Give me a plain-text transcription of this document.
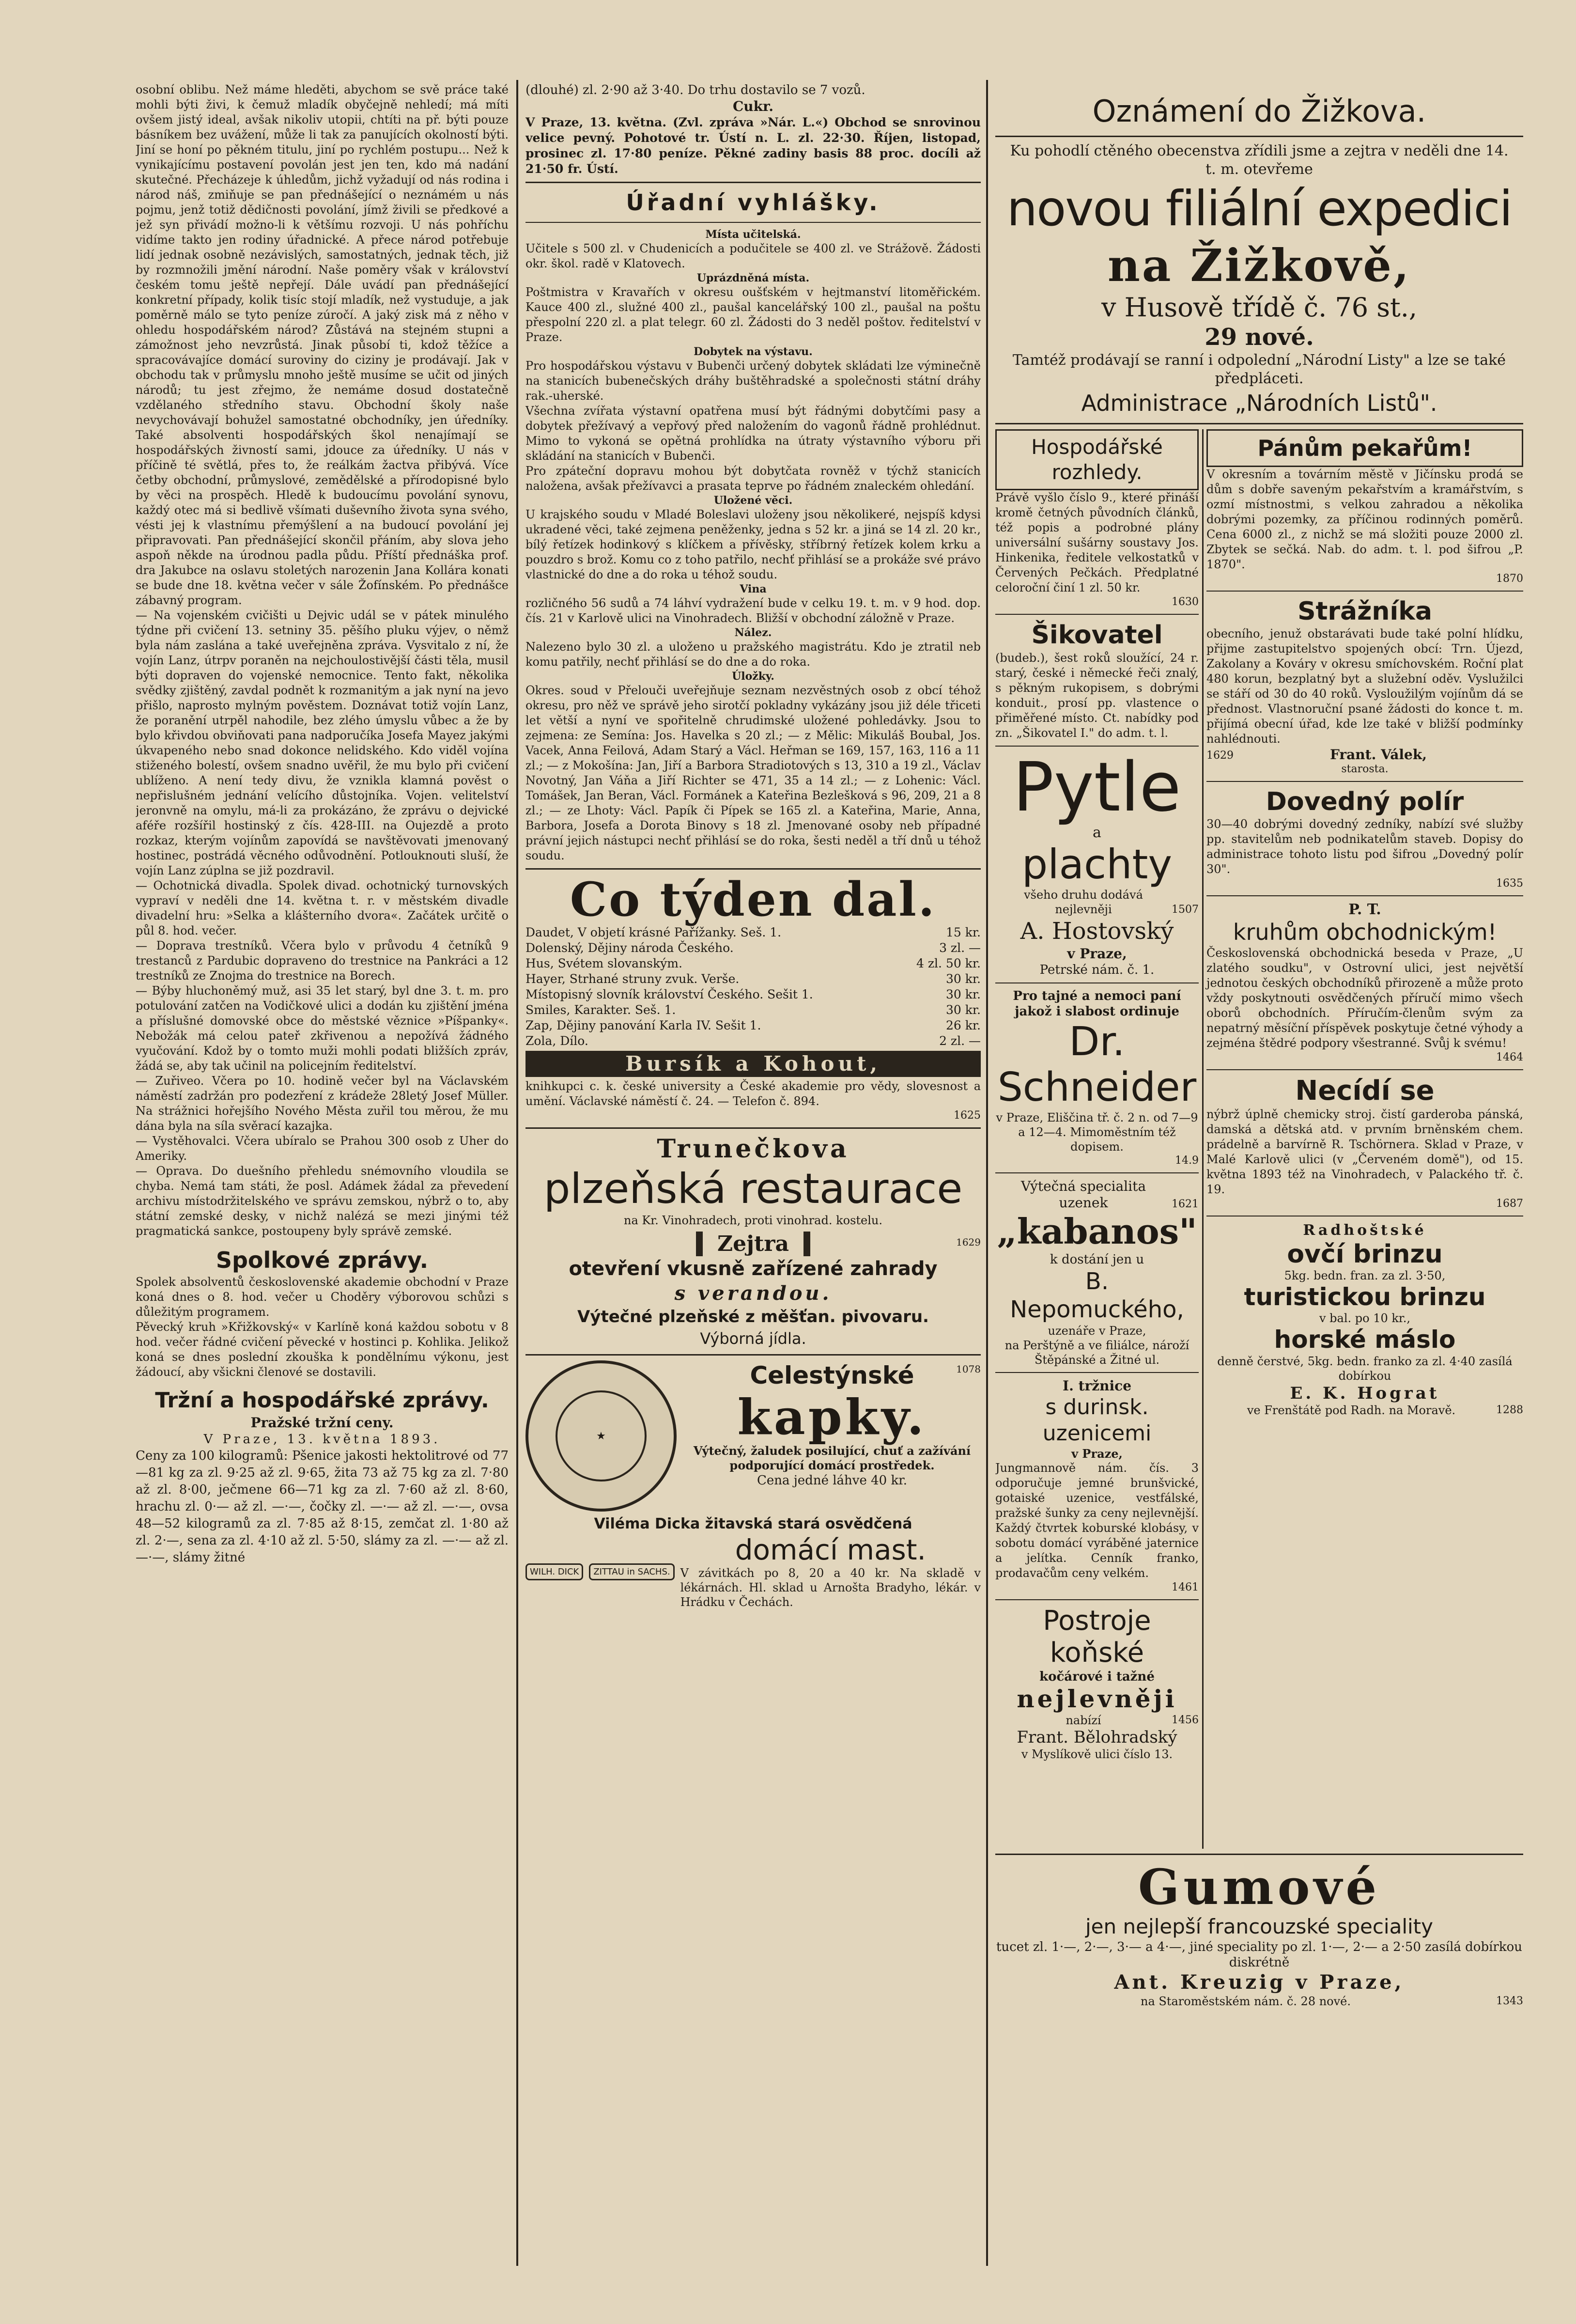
osobní oblibu. Než máme hleděti, abychom se svě práce také mohli býti živi, k čemuž mladík obyčejně nehledí; má míti ovšem jistý ideal, avšak nikoliv utopii, chtíti na př. býti pouze básníkem bez uvážení, může li tak za panujících okolností býti. Jiní se honí po pěkném titulu, jiní po rychlém postupu... Než k vynikajícímu postavení povolán jest jen ten, kdo má nadání skutečné. Přecházeje k úhledům, jichž vyžadují od nás rodina i národ náš, zmiňuje se pan přednášející o neznámém u nás pojmu, jenž totiž dědičnosti povolání, jímž živili se předkové a jež syn přivádí možno-li k většímu rozvoji. U nás pohříchu vidíme takto jen rodiny úřadnické. A přece národ potřebuje lidí jednak osobně nezávislých, samostatných, jednak těch, již by rozmnožili jmění národní. Naše poměry však v království českém tomu ještě nepřejí. Dále uvádí pan přednášející konkretní případy, kolik tisíc stojí mladík, než vystuduje, a jak poměrně málo se tyto peníze zúročí. A jaký zisk má z něho v ohledu hospodářském národ? Zůstává na stejném stupni a zámožnost jeho nevzrůstá. Jinak působí ti, kdož těžíce a spracovávajíce domácí suroviny do ciziny je prodávají. Jak v obchodu tak v průmyslu mnoho ještě musíme se učit od jiných národů; tu jest zřejmo, že nemáme dosud dostatečně vzdělaného středního stavu. Obchodní školy naše nevychovávají bohužel samostatné obchodníky, jen úředníky. Také absolventi hospodářských škol nenajímají se hospodářských živností sami, jdouce za úředníky. U nás v příčině té světlá, přes to, že reálkám žactva přibývá. Více četby obchodní, průmyslové, zemědělské a přírodopisné bylo by věci na prospěch. Hledě k budoucímu povolání synovu, každý otec má si bedlivě všímati duševního života syna svého, vésti jej k vlastnímu přemýšlení a na budoucí povolání jej připravovati. Pan přednášející skončil přáním, aby slova jeho aspoň někde na úrodnou padla půdu. Příští přednáška prof. dra Jakubce na oslavu stoletých narozenin Jana Kollára konati se bude dne 18. května večer v sále Žofínském. Po přednášce zábavný program.

— Na vojenském cvičišti u Dejvic udál se v pátek minulého týdne při cvičení 13. setniny 35. pěšího pluku výjev, o němž byla nám zaslána a také uveřejněna zpráva. Vysvitalo z ní, že vojín Lanz, útrpv poraněn na nejchoulostivější části těla, musil býti dopraven do vojenské nemocnice. Tento fakt, několika svědky zjištěný, zavdal podnět k rozmanitým a jak nyní na jevo přišlo, naprosto mylným pověstem. Doznávat totiž vojín Lanz, že poranění utrpěl nahodile, bez zlého úmyslu vůbec a že by bylo křivdou obviňovati pana nadporučíka Josefa Mayez jakými úkvapeného nebo snad dokonce nelidského. Kdo viděl vojína stiženého bolestí, ovšem snadno uvěřil, že mu bylo při cvičení ublíženo. A není tedy divu, že vznikla klamná pověst o nepřislušném jednání velícího důstojníka. Vojen. velitelství jeronvně na omylu, má-li za prokázáno, že zprávu o dejvické aféře rozšířil hostinský z čís. 428-III. na Oujezdě a proto rozkaz, kterým vojínům zapovídá se navštěvovati jmenovaný hostinec, postrádá věcného odůvodnění. Potlouknouti sluší, že vojín Lanz zúplna se již pozdravil.

— Ochotnická divadla. Spolek divad. ochotnický turnovských vypraví v neděli dne 14. května t. r. v městském divadle divadelní hru: »Selka a klášterního dvora«. Začátek určitě o půl 8. hod. večer.

— Doprava trestníků. Včera bylo v průvodu 4 četníků 9 trestanců z Pardubic dopraveno do trestnice na Pankráci a 12 trestníků ze Znojma do trestnice na Borech.

— Býby hluchoněmý muž, asi 35 let starý, byl dne 3. t. m. pro potulování zatčen na Vodičkové ulici a dodán ku zjištění jména a příslušné domovské obce do městské věznice »Píšpanky«. Nebožák má celou pateř zkřivenou a nepožívá žádného vyučování. Kdož by o tomto muži mohli podati bližších zpráv, žádá se, aby tak učinil na policejním ředitelství.

— Zuřiveo. Včera po 10. hodině večer byl na Václavském náměstí zadržán pro podezření z krádeže 28letý Josef Müller. Na strážnici hořejšího Nového Města zuřil tou měrou, že mu dána byla na síla svěrací kazajka.

— Vystěhovalci. Včera ubíralo se Prahou 300 osob z Uher do Ameriky.

— Oprava. Do duešního přehledu snémovního vloudila se chyba. Nemá tam státi, že posl. Adámek žádal za převedení archivu místodržitelského ve správu zemskou, nýbrž o to, aby státní zemské desky, v nichž nalézá se mezi jinými též pragmatická sankce, postoupeny byly správě zemské.

Spolkové zprávy.

Spolek absolventů československé akademie obchodní v Praze koná dnes o 8. hod. večer u Choděry výborovou schůzi s důležitým programem.

Pěvecký kruh »Křižkovský« v Karlíně koná každou sobotu v 8 hod. večer řádné cvičení pěvecké v hostinci p. Kohlika. Jelikož koná se dnes poslední zkouška k pondělnímu výkonu, jest žádoucí, aby všickni členové se dostavili.

Tržní a hospodářské zprávy.
Pražské tržní ceny.
V Praze, 13. května 1893.

Ceny za 100 kilogramů: Pšenice jakosti hektolitrové od 77—81 kg za zl. 9·25 až zl. 9·65, žita 73 až 75 kg za zl. 7·80 až zl. 8·00, ječmene 66—71 kg za zl. 7·60 až zl. 8·60, hrachu zl. 0·— až zl. —·—, čočky zl. —·— až zl. —·—, ovsa 48—52 kilogramů za zl. 7·85 až 8·15, zemčat zl. 1·80 až zl. 2·—, sena za zl. 4·10 až zl. 5·50, slámy za zl. —·— až zl. —·—, slámy žitné

(dlouhé) zl. 2·90 až 3·40. Do trhu dostavilo se 7 vozů.

Cukr.

V Praze, 13. května. (Zvl. zpráva »Nár. L.«) Obchod se snrovinou velice pevný. Pohotové tr. Ústí n. L. zl. 22·30. Říjen, listopad, prosinec zl. 17·80 peníze. Pěkné zadiny basis 88 proc. docíli až 21·50 fr. Ústí.

Úřadní vyhlášky.
Místa učitelská.

Učitele s 500 zl. v Chudenicích a podučitele se 400 zl. ve Strážově. Žádosti okr. škol. radě v Klatovech.

Uprázdněná místa.

Poštmistra v Kravařích v okresu oušťském v hejtmanství litoměřickém. Kauce 400 zl., služné 400 zl., paušal kancelářský 100 zl., paušal na poštu přespolní 220 zl. a plat telegr. 60 zl. Žádosti do 3 neděl poštov. ředitelství v Praze.

Dobytek na výstavu.

Pro hospodářskou výstavu v Bubenči určený dobytek skládati lze výminečně na stanicích bubenečských dráhy buštěhradské a společnosti státní dráhy rak.-uherské.

Všechna zvířata výstavní opatřena musí být řádnými dobytčími pasy a dobytek přežívavý a vepřový před naložením do vagonů řádně prohlédnut. Mimo to vykoná se opětná prohlídka na útraty výstavního výboru při skládání na stanicích v Bubenči.

Pro zpáteční dopravu mohou být dobytčata rovněž v týchž stanicích naložena, avšak přežívavci a prasata teprve po řádném znaleckém ohledání.

Uložené věci.

U krajského soudu v Mladé Boleslavi uloženy jsou několikeré, nejspíš kdysi ukradené věci, také zejmena peněženky, jedna s 52 kr. a jiná se 14 zl. 20 kr., bílý řetízek hodinkový s klíčkem a přívěsky, stříbrný řetízek kolem krku a pouzdro s brož. Komu co z toho patřilo, nechť přihlásí se a prokáže své právo vlastnické do dne a do roka u téhož soudu.

Vina

rozličného 56 sudů a 74 láhví vydražení bude v celku 19. t. m. v 9 hod. dop. čís. 21 v Karlově ulici na Vinohradech. Bližší v obchodní záložně v Praze.

Nález.

Nalezeno bylo 30 zl. a uloženo u pražského magistrátu. Kdo je ztratil neb komu patřily, nechť přihlásí se do dne a do roka.

Úložky.

Okres. soud v Přelouči uveřejňuje seznam nezvěstných osob z obcí téhož okresu, pro něž ve správě jeho sirotčí pokladny vykázány jsou již déle třiceti let větší a nyní ve spořitelně chrudimské uložené pohledávky. Jsou to zejmena: ze Semína: Jos. Havelka s 20 zl.; — z Mělic: Mikuláš Boubal, Jos. Vacek, Anna Feilová, Adam Starý a Václ. Heřman se 169, 157, 163, 116 a 11 zl.; — z Mokošína: Jan, Jiří a Barbora Stradiotových s 13, 310 a 19 zl., Václav Novotný, Jan Váňa a Jiří Richter se 471, 35 a 14 zl.; — z Lohenic: Václ. Tomášek, Jan Beran, Václ. Formánek a Kateřina Bezlešková s 96, 209, 21 a 8 zl.; — ze Lhoty: Václ. Papík či Pípek se 165 zl. a Kateřina, Marie, Anna, Barbora, Josefa a Dorota Binovy s 18 zl. Jmenované osoby neb případné právní jejich nástupci nechť přihlásí se do roka, šesti neděl a tří dnů u téhož soudu.

Co týden dal.
Daudet, V objetí krásné Pařížanky. Seš. 1.	15 kr.
Dolenský, Dějiny národa Českého.	3 zl. —
Hus, Svétem slovanským.	4 zl. 50 kr.
Hayer, Strhané struny zvuk. Verše.	30 kr.
Místopisný slovník království Českého. Sešit 1.	30 kr.
Smiles, Karakter. Seš. 1.	30 kr.
Zap, Dějiny panování Karla IV. Sešit 1.	26 kr.
Zola, Dílo.	2 zl. —
Bursík a Kohout,

knihkupci c. k. české university a České akademie pro vědy, slovesnost a umění. Václavské náměstí č. 24. — Telefon č. 894.

1625
Trunečkova
plzeňská restaurace
na Kr. Vinohradech, proti vinohrad. kostelu.
Zejtra	1629
otevření vkusně zařízené zahrady
s verandou.
Výtečné plzeňské z měšťan. pivovaru.
Výborná jídla.
★
Celestýnské	1078
kapky.

Výtečný, žaludek posilující, chuť a zažívání podporující domácí prostředek.

Cena jedné láhve 40 kr.

Viléma Dicka žitavská stará osvědčená
WILH. DICK	ZITTAU in SACHS.
domácí mast.

V závitkách po 8, 20 a 40 kr. Na skladě v lékárnách. Hl. sklad u Arnošta Bradyho, lékár. v Hrádku v Čechách.

Oznámení do Žižkova.

Ku pohodlí ctěného obecenstva zřídili jsme a zejtra v neděli dne 14. t. m. otevřeme

novou filiální expedici
na Žižkově,
v Husově třídě č. 76 st.,
29 nové.

Tamtéž prodávají se ranní i odpolední „Národní Listy" a lze se také předpláceti.

Administrace „Národních Listů".
Hospodářské rozhledy.

Právě vyšlo číslo 9., které přináší kromě četných původních článků, též popis a podrobné plány universální sušárny soustavy Jos. Hinkenika, ředitele velkostatků v Červených Pečkách. Předplatné celoroční činí 1 zl. 50 kr.

1630
Šikovatel

(budeb.), šest roků sloužící, 24 r. starý, české i německé řeči znalý, s pěkným rukopisem, s dobrými konduit., prosí pp. vlastence o přiměřené místo. Ct. nabídky pod zn. „Šikovatel I." do adm. t. l.

Pytle
a
plachty

všeho druhu dodává nejlevněji	1507
A. Hostovský
v Praze,
Petrské nám. č. 1.

Pro tajné a nemoci paní jakož i slabost ordinuje

Dr. Schneider

v Praze, Eliščina tř. č. 2 n. od 7—9 a 12—4. Mimoměstním též dopisem.

14.9

Výtečná specialita uzenek	1621
„kabanos"
k dostání jen u
B. Nepomuckého,
uzenáře v Praze,

na Perštýně a ve filiálce, nároží Štěpánské a Žitné ul.

I. tržnice
s durinsk. uzenicemi
v Praze,

Jungmannově nám. čís. 3 odporučuje jemné brunšvické, gotaiské uzenice, vestfálské, pražské šunky za ceny nejlevnější. Každý čtvrtek koburské klobásy, v sobotu domácí vyráběné jaternice a jelítka. Cenník franko, prodavačům ceny velkém.

1461
Postroje koňské
kočárové i tažné
nejlevněji
nabízí	1456
Frant. Bělohradský
v Myslíkově ulici číslo 13.
Pánům pekařům!

V okresním a továrním městě v Jičínsku prodá se dům s dobře saveným pekařstvím a kramářstvím, s ozmí místnostmi, s velkou zahradou a několika dobrými pozemky, za příčinou rodinných poměrů. Cena 6000 zl., z nichž se má složiti pouze 2000 zl. Zbytek se sečká. Nab. do adm. t. l. pod šifrou „P. 1870".

1870
Strážníka

obecního, jenuž obstarávati bude také polní hlídku, přijme zastupitelstvo spojených obcí: Trn. Újezd, Zakolany a Kováry v okresu smíchovském. Roční plat 480 korun, bezplatný byt a služební oděv. Vyslužilci se stáří od 30 do 40 roků. Vysloužilým vojínům dá se přednost. Vlastnoruční psané žádosti do konce t. m. přijímá obecní úřad, kde lze také v bližší podmínky nahlédnouti.

1629	Frant. Válek,
starosta.
Dovedný polír

30—40 dobrými dovedný zedníky, nabízí své služby pp. stavitelům neb podnikatelům staveb. Dopisy do administrace tohoto listu pod šifrou „Dovedný polír 30".

1635
P. T.
kruhům obchodnickým!

Československá obchodnická beseda v Praze, „U zlatého soudku", v Ostrovní ulici, jest největší jednotou českých obchodníků přirozeně a může proto vždy poskytnouti osvědčených příručí mimo všech oborů obchodních. Příručím-členům svým za nepatrný měsíční příspěvek poskytuje četné výhody a zejména štědré podpory všestranné. Svůj k svému!

1464
Necídí se

nýbrž úplně chemicky stroj. čistí garderoba pánská, damská a dětská atd. v prvním brněnském chem. prádelně a barvírně R. Tschörnera. Sklad v Praze, v Malé Karlově ulici (v „Červeném domě"), od 15. května 1893 též na Vinohradech, v Palackého tř. č. 19.

1687
Radhoštské
ovčí brinzu
5kg. bedn. fran. za zl. 3·50,
turistickou brinzu
v bal. po 10 kr.,
horské máslo

denně čerstvé, 5kg. bedn. franko za zl. 4·40 zasílá dobírkou

E. K. Hograt
ve Frenštátě pod Radh. na Moravě.	1288
Gumové
jen nejlepší francouzské speciality

tucet zl. 1·—, 2·—, 3·— a 4·—, jiné speciality po zl. 1·—, 2·— a 2·50 zasílá dobírkou diskrétně

Ant. Kreuzig v Praze,
na Staroměstském nám. č. 28 nové.	1343
